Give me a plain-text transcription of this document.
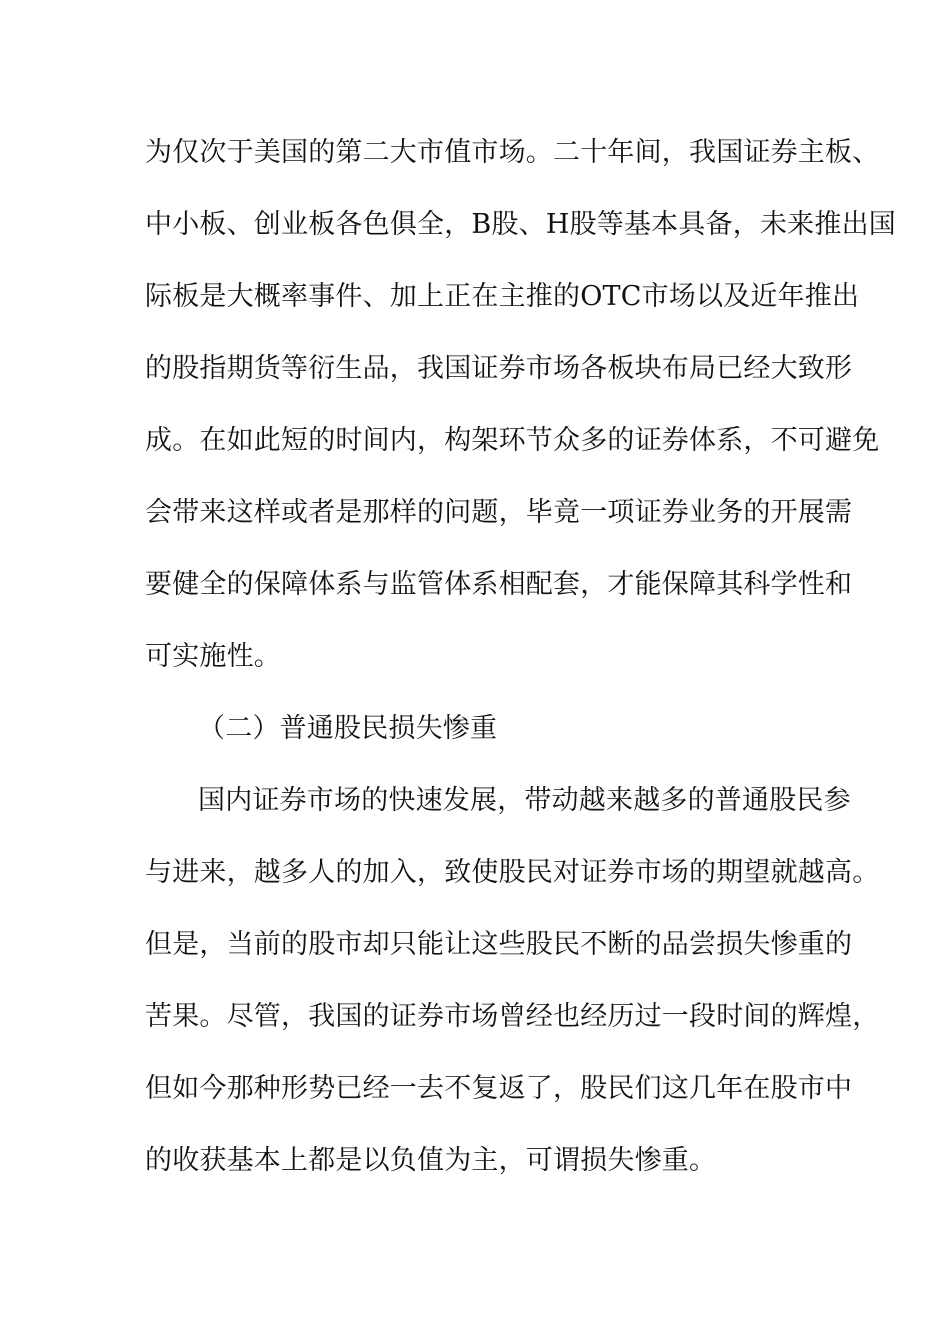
为仅次于美国的第二大市值市场。二十年间，我国证券主板、
中小板、创业板各色俱全，B股、H股等基本具备，未来推出国
际板是大概率事件、加上正在主推的OTC市场以及近年推出
的股指期货等衍生品，我国证券市场各板块布局已经大致形
成。在如此短的时间内，构架环节众多的证券体系，不可避免
会带来这样或者是那样的问题，毕竟一项证券业务的开展需
要健全的保障体系与监管体系相配套，才能保障其科学性和
可实施性。
（二）普通股民损失惨重
国内证券市场的快速发展，带动越来越多的普通股民参
与进来，越多人的加入，致使股民对证券市场的期望就越高。
但是，当前的股市却只能让这些股民不断的品尝损失惨重的
苦果。尽管，我国的证券市场曾经也经历过一段时间的辉煌，
但如今那种形势已经一去不复返了，股民们这几年在股市中
的收获基本上都是以负值为主，可谓损失惨重。
